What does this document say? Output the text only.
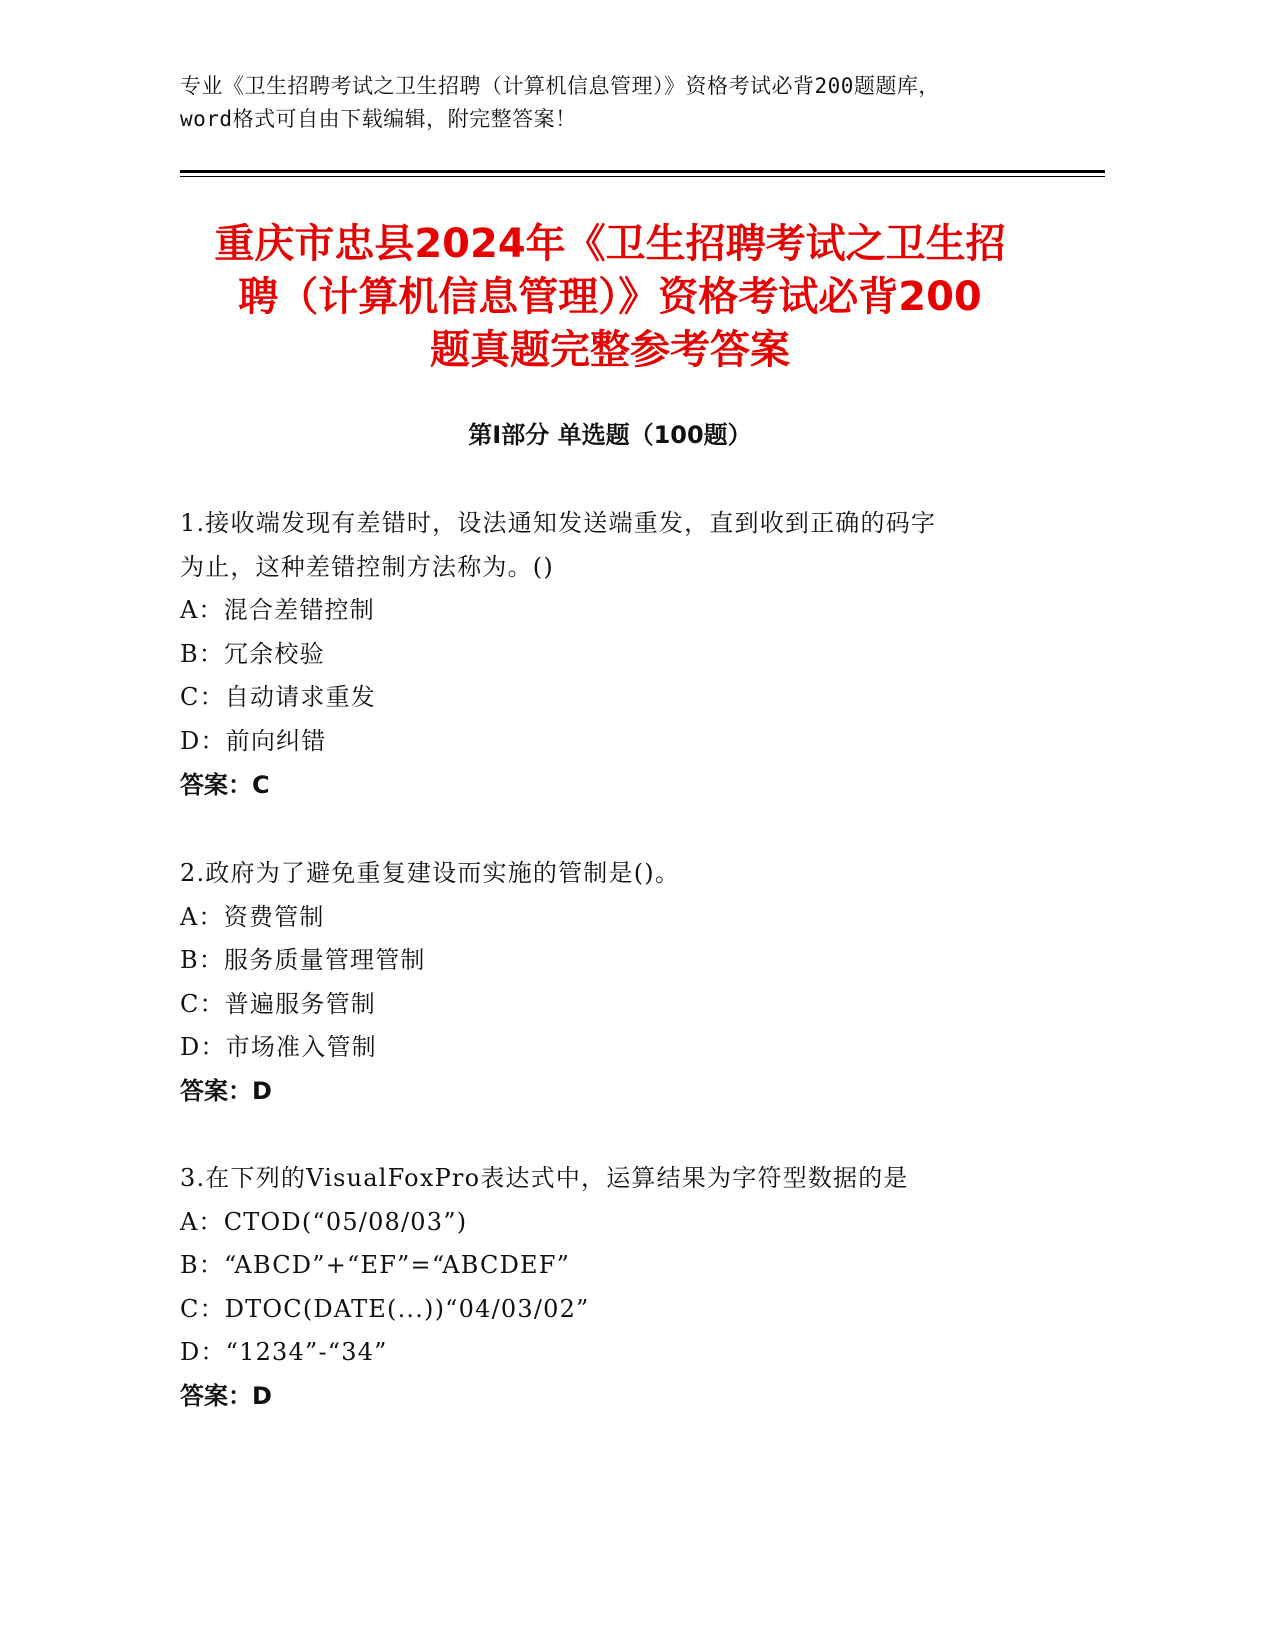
专业《卫生招聘考试之卫生招聘（计算机信息管理）》资格考试必背200题题库，
word格式可自由下载编辑，附完整答案！
重庆市忠县2024年《卫生招聘考试之卫生招
聘（计算机信息管理）》资格考试必背200
题真题完整参考答案
第I部分 单选题（100题）
1.接收端发现有差错时，设法通知发送端重发，直到收到正确的码字
为止，这种差错控制方法称为。()
A：混合差错控制
B：冗余校验
C：自动请求重发
D：前向纠错
答案：C
2.政府为了避免重复建设而实施的管制是()。
A：资费管制
B：服务质量管理管制
C：普遍服务管制
D：市场准入管制
答案：D
3.在下列的VisualFoxPro表达式中，运算结果为字符型数据的是
A：CTOD(“05/08/03”)
B：“ABCD”+“EF”=“ABCDEF”
C：DTOC(DATE(...))“04/03/02”
D：“1234”-“34”
答案：D
